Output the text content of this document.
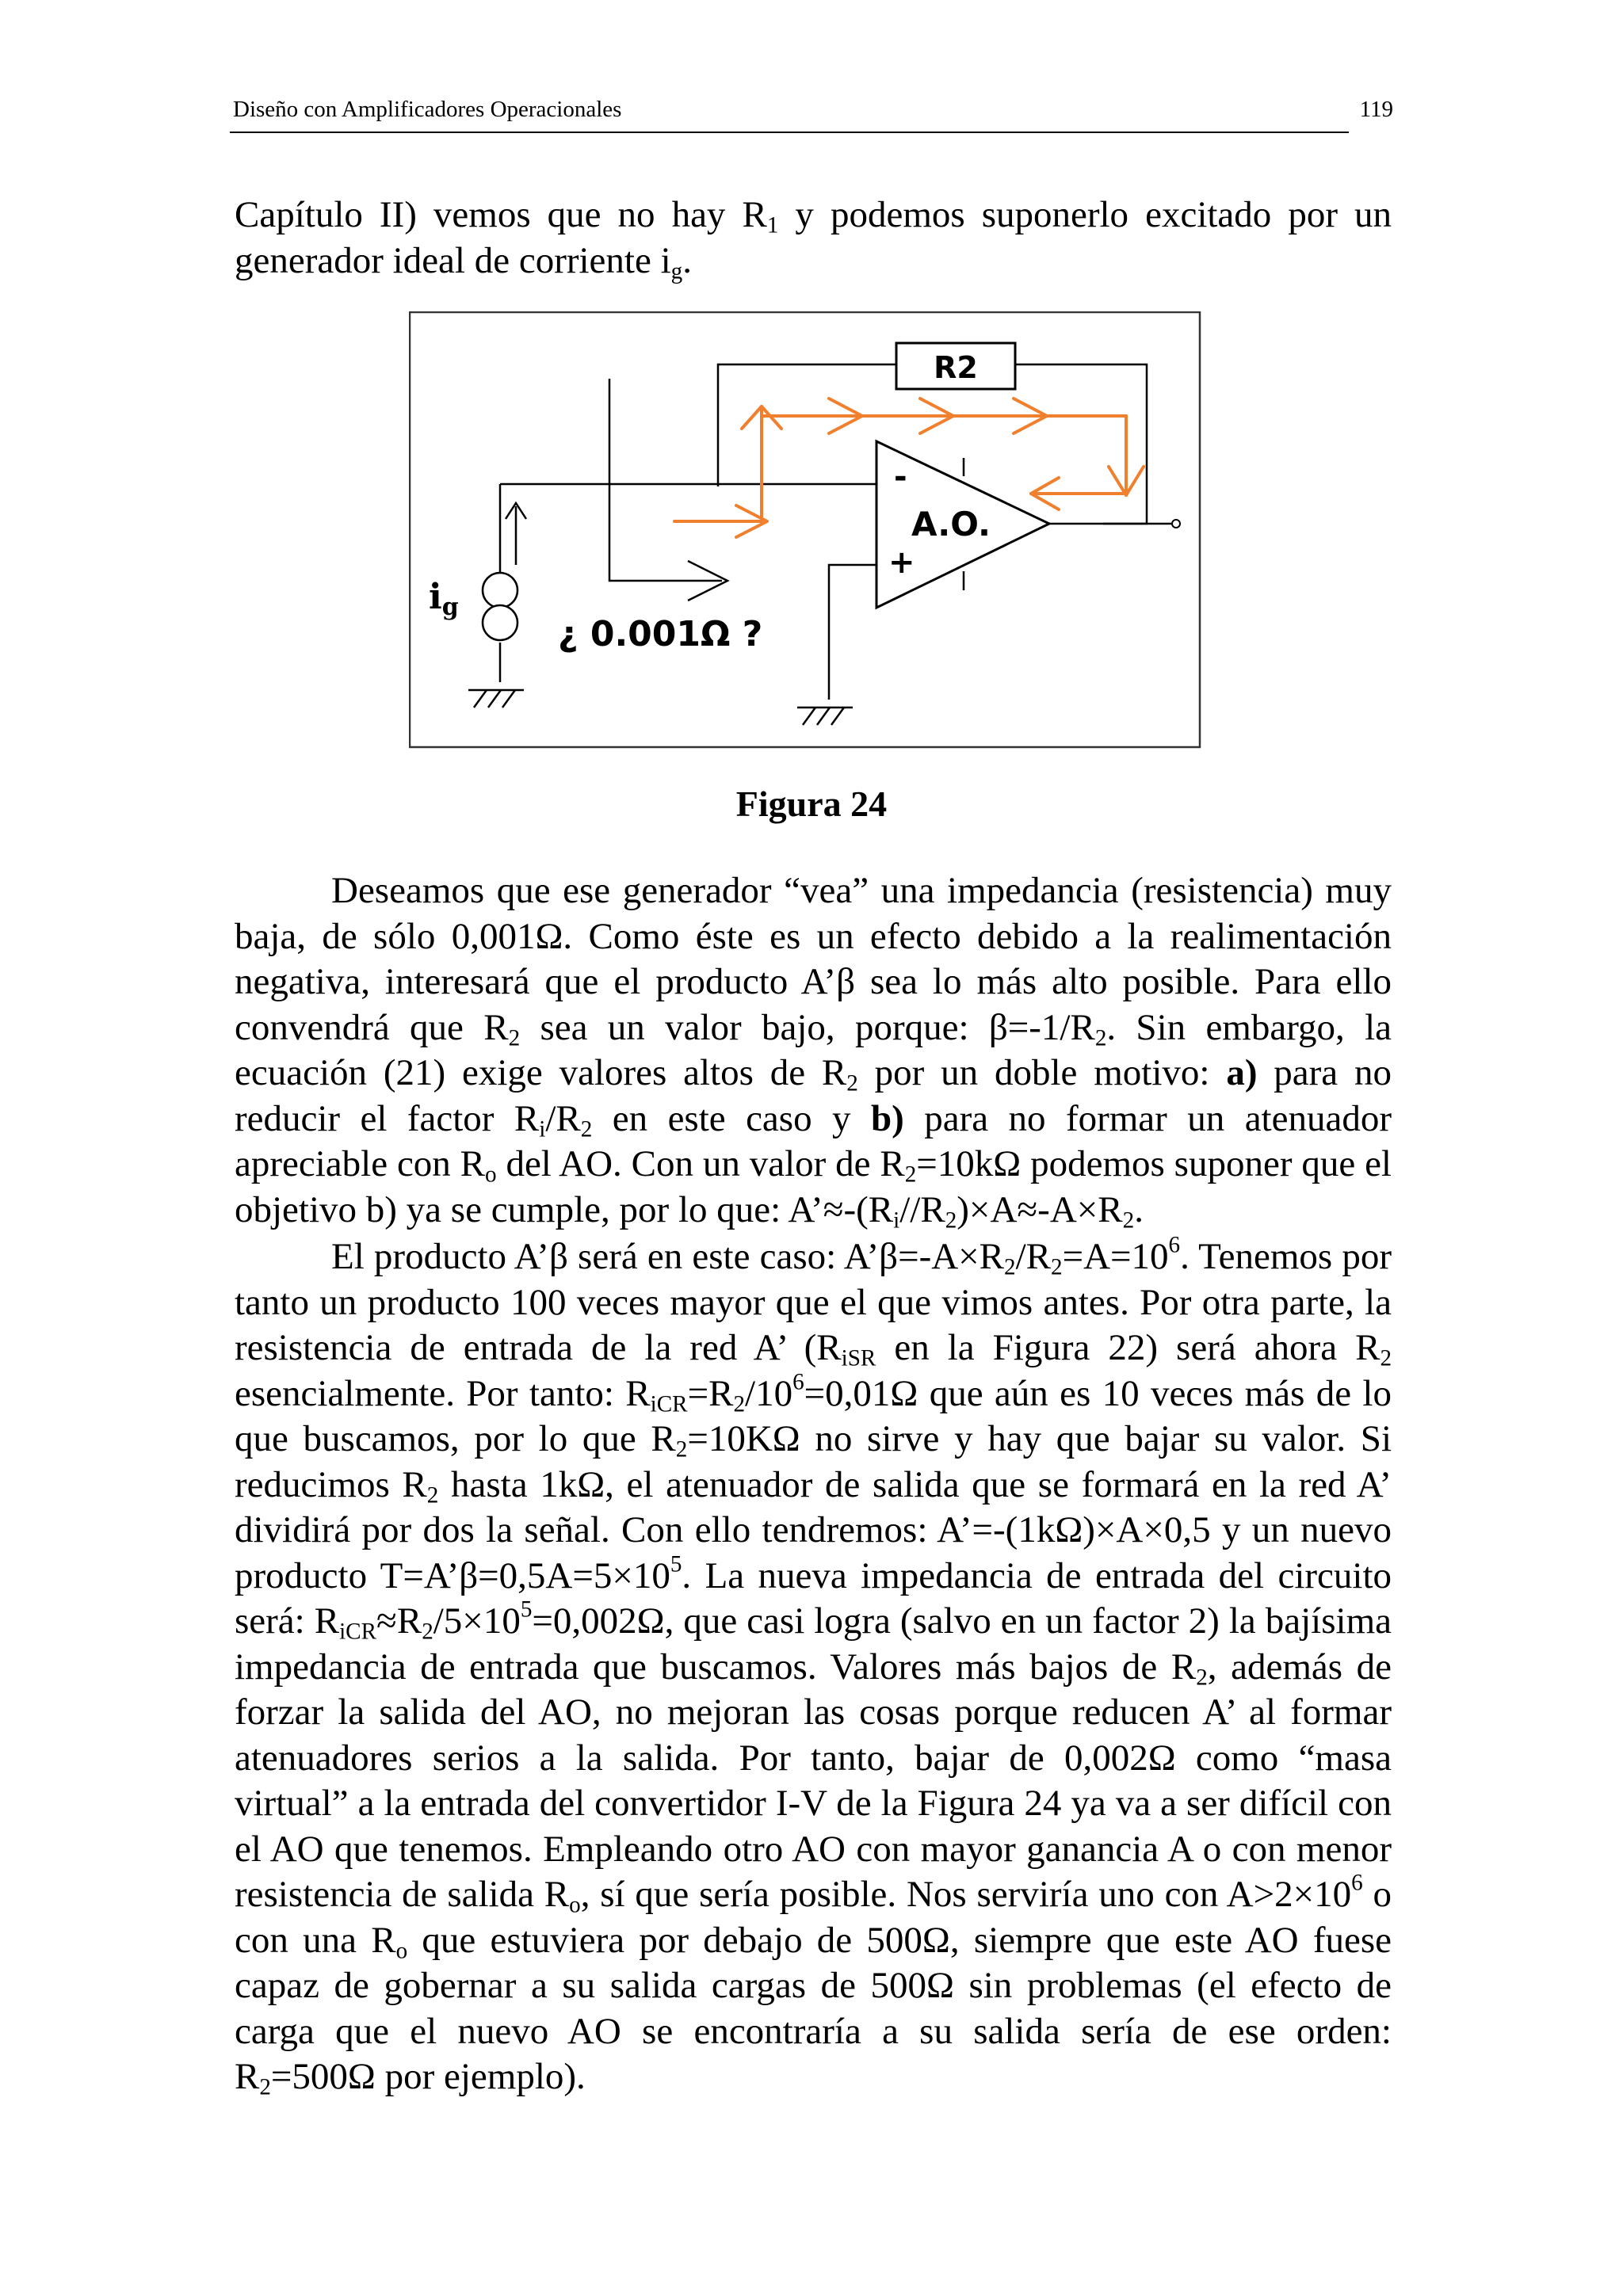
Diseño con Amplificadores Operacionales	119

Capítulo II) vemos que no hay $R_1$ y podemos suponerlo excitado por un generador ideal de corriente $i_g$.

R2
-
+
A.O.
ig
¿ 0.001Ω ?
Figura 24

Deseamos que ese generador “vea” una impedancia (resistencia) muy baja, de sólo 0,001Ω. Como éste es un efecto debido a la realimentación negativa, interesará que el producto A’β sea lo más alto posible. Para ello convendrá que $R_2$ sea un valor bajo, porque: $\beta=-1/R_2$. Sin embargo, la ecuación (21) exige valores altos de $R_2$ por un doble motivo: a) para no reducir el factor $R_i/R_2$ en este caso y b) para no formar un atenuador apreciable con $R_o$ del AO. Con un valor de $R_2=10k\Omega$ podemos suponer que el objetivo b) ya se cumple, por lo que: $A’\approx-(R_i//R_2)\times A\approx-A\times R_2$.

El producto A’β será en este caso: $A’\beta=-A\times R_2/R_2=A=10^6$. Tenemos por tanto un producto 100 veces mayor que el que vimos antes. Por otra parte, la resistencia de entrada de la red A’ ($R_{iSR}$ en la Figura 22) será ahora $R_2$ esencialmente. Por tanto: $R_{iCR}=R_2/10^6=0,01\Omega$ que aún es 10 veces más de lo que buscamos, por lo que $R_2=10K\Omega$ no sirve y hay que bajar su valor. Si reducimos $R_2$ hasta 1kΩ, el atenuador de salida que se formará en la red A’ dividirá por dos la señal. Con ello tendremos: A’=-(1kΩ)×A×0,5 y un nuevo producto $T=A’\beta=0,5A=5\times 10^5$. La nueva impedancia de entrada del circuito será: $R_{iCR}\approx R_2/5\times 10^5=0,002\Omega$, que casi logra (salvo en un factor 2) la bajísima impedancia de entrada que buscamos. Valores más bajos de $R_2$, además de forzar la salida del AO, no mejoran las cosas porque reducen A’ al formar atenuadores serios a la salida. Por tanto, bajar de 0,002Ω como “masa virtual” a la entrada del convertidor I-V de la Figura 24 ya va a ser difícil con el AO que tenemos. Empleando otro AO con mayor ganancia A o con menor resistencia de salida $R_o$, sí que sería posible. Nos serviría uno con $A>2\times 10^6$ o con una $R_o$ que estuviera por debajo de 500Ω, siempre que este AO fuese capaz de gobernar a su salida cargas de 500Ω sin problemas (el efecto de carga que el nuevo AO se encontraría a su salida sería de ese orden: $R_2=500\Omega$ por ejemplo).
